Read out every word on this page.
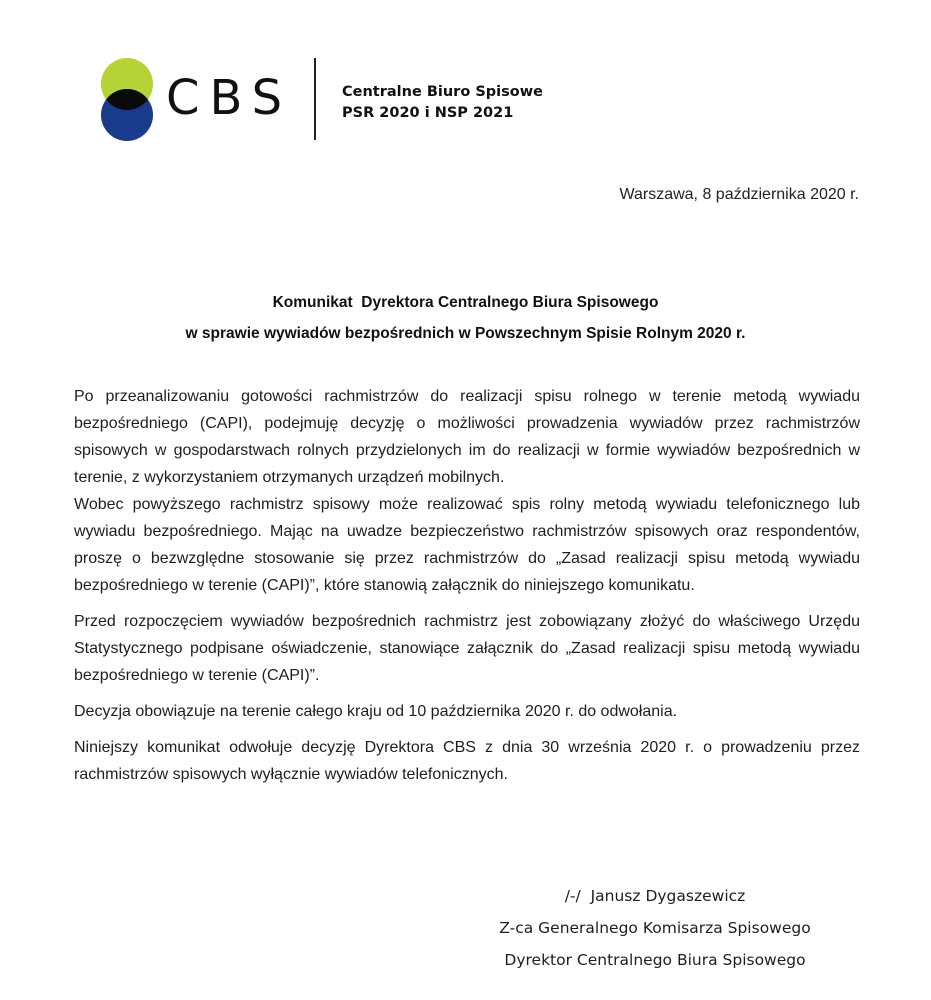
CBS	Centralne Biuro Spisowe
PSR 2020 i NSP 2021
Warszawa, 8 października 2020 r.
Komunikat  Dyrektora Centralnego Biura Spisowego
w sprawie wywiadów bezpośrednich w Powszechnym Spisie Rolnym 2020 r.

Po przeanalizowaniu gotowości rachmistrzów do realizacji spisu rolnego w terenie metodą wywiadu bezpośredniego (CAPI), podejmuję decyzję o możliwości prowadzenia wywiadów przez rachmistrzów spisowych w gospodarstwach rolnych przydzielonych im do realizacji w formie wywiadów bezpośrednich w terenie, z wykorzystaniem otrzymanych urządzeń mobilnych.

Wobec powyższego rachmistrz spisowy może realizować spis rolny metodą wywiadu telefonicznego lub wywiadu bezpośredniego. Mając na uwadze bezpieczeństwo rachmistrzów spisowych oraz respondentów, proszę o bezwzględne stosowanie się przez rachmistrzów do „Zasad realizacji spisu metodą wywiadu bezpośredniego w terenie (CAPI)”, które stanowią załącznik do niniejszego komunikatu.

Przed rozpoczęciem wywiadów bezpośrednich rachmistrz jest zobowiązany złożyć do właściwego Urzędu Statystycznego podpisane oświadczenie, stanowiące załącznik do „Zasad realizacji spisu metodą wywiadu bezpośredniego w terenie (CAPI)”.

Decyzja obowiązuje na terenie całego kraju od 10 października 2020 r. do odwołania.

Niniejszy komunikat odwołuje decyzję Dyrektora CBS z dnia 30 września 2020 r. o prowadzeniu przez rachmistrzów spisowych wyłącznie wywiadów telefonicznych.

/-/  Janusz Dygaszewicz
Z-ca Generalnego Komisarza Spisowego
Dyrektor Centralnego Biura Spisowego
